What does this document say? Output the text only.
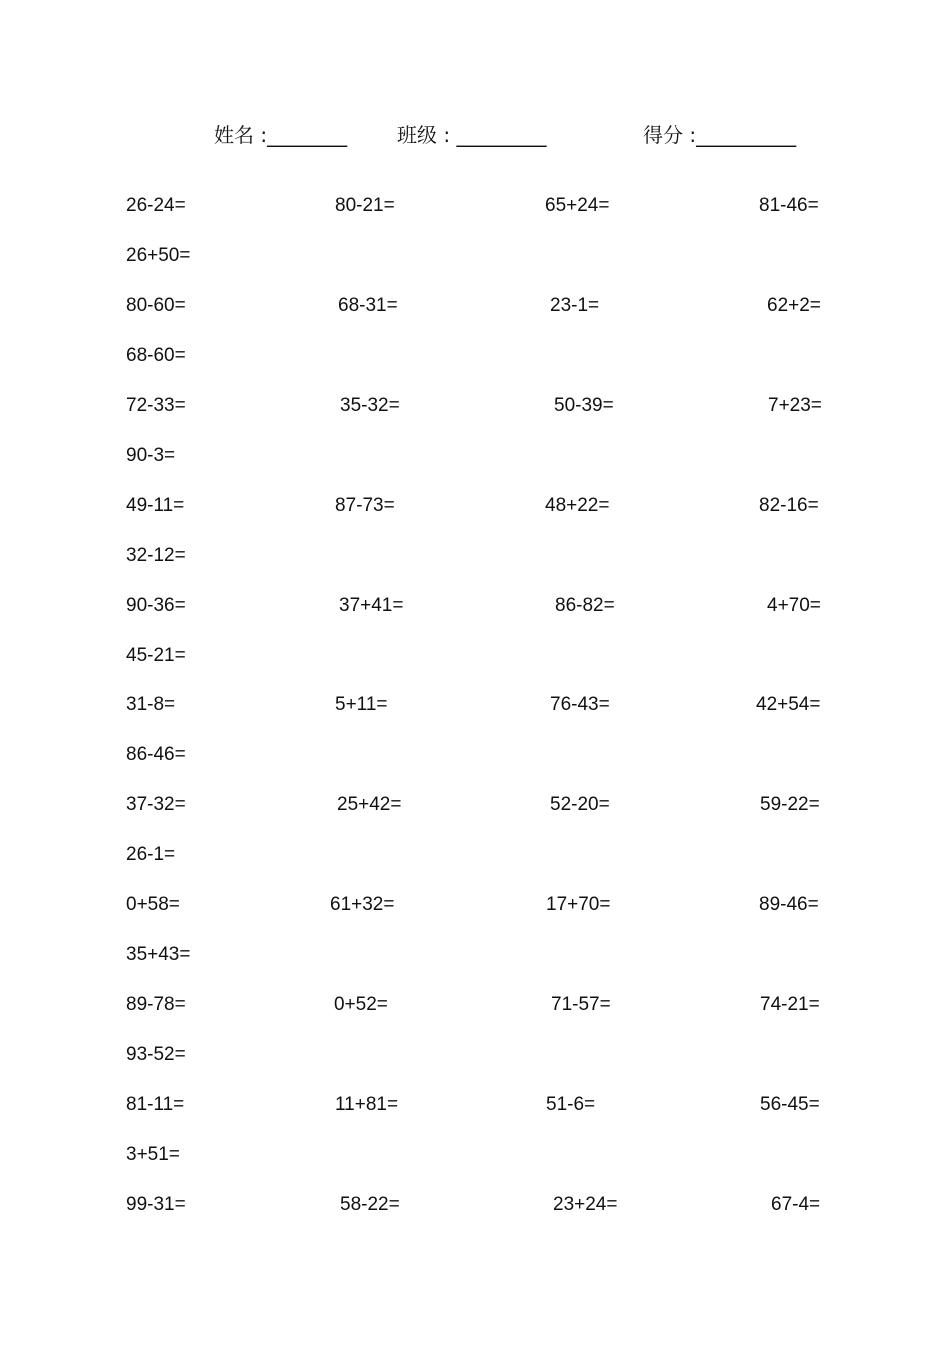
姓名 :________ 班级 : _________	得分 :__________
26-24=	80-21=	65+24=	81-46=
26+50=
80-60=	68-31=	23-1=	62+2=
68-60=
72-33=	35-32=	50-39=	7+23=
90-3=
49-11=	87-73=	48+22=	82-16=
32-12=
90-36=	37+41=	86-82=	4+70=
45-21=
31-8=	5+11=	76-43=	42+54=
86-46=
37-32=	25+42=	52-20=	59-22=
26-1=
0+58=	61+32=	17+70=	89-46=
35+43=
89-78=	0+52=	71-57=	74-21=
93-52=
81-11=	11+81=	51-6=	56-45=
3+51=
99-31=	58-22=	23+24=	67-4=
